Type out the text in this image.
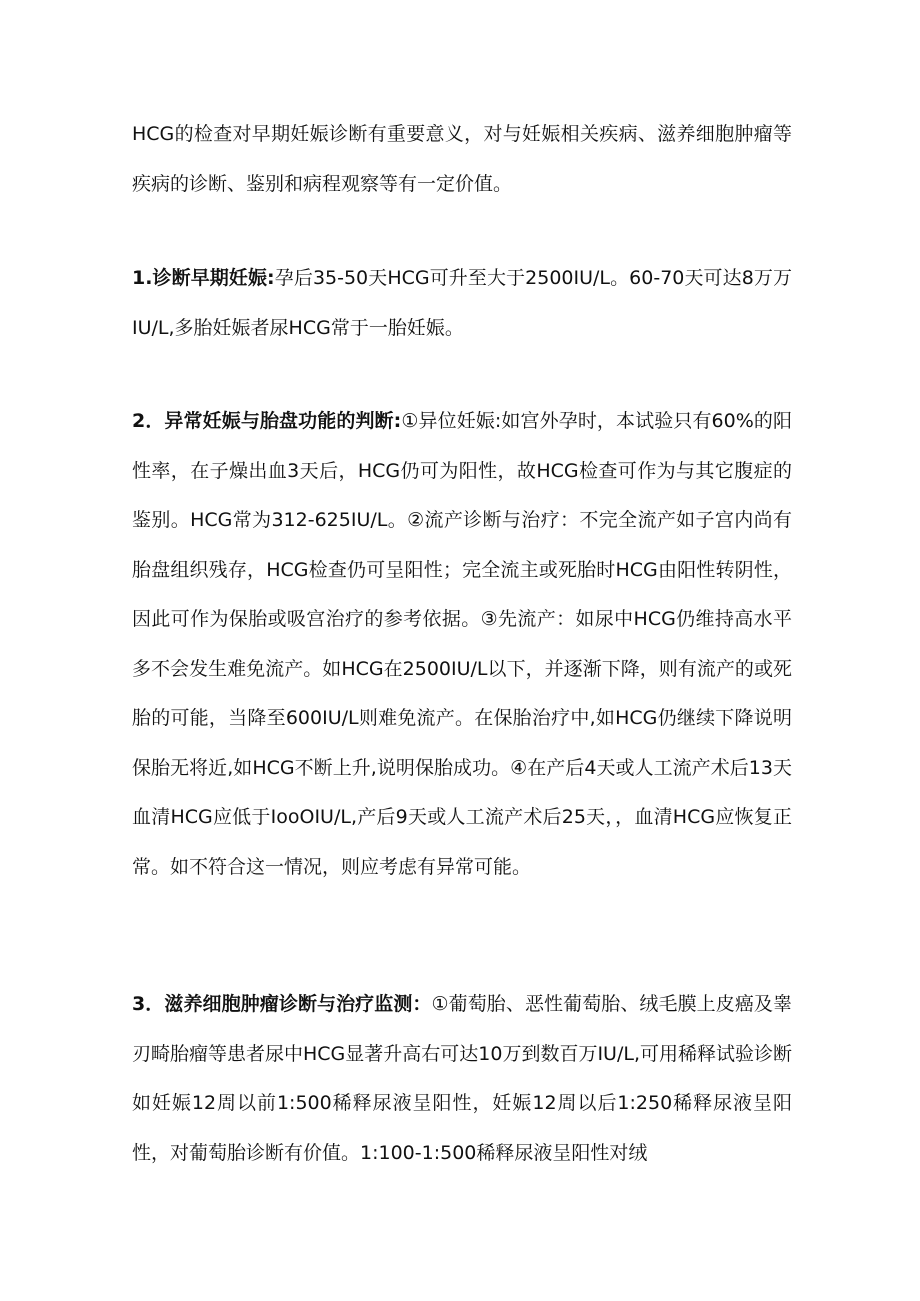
HCG的检查对早期妊娠诊断有重要意义，对与妊娠相关疾病、滋养细胞肿瘤等疾病的诊断、鉴别和病程观察等有一定价值。

1.诊断早期妊娠:孕后35-50天HCG可升至大于2500IU/L。60-70天可达8万万IU/L,多胎妊娠者尿HCG常于一胎妊娠。

2．异常妊娠与胎盘功能的判断:①异位妊娠:如宫外孕时，本试验只有60%的阳性率，在子燥出血3天后，HCG仍可为阳性，故HCG检查可作为与其它腹症的鉴别。HCG常为312-625IU/L。②流产诊断与治疗：不完全流产如子宫内尚有胎盘组织残存，HCG检查仍可呈阳性；完全流主或死胎时HCG由阳性转阴性，因此可作为保胎或吸宫治疗的参考依据。③先流产：如尿中HCG仍维持高水平多不会发生难免流产。如HCG在2500IU/L以下，并逐渐下降，则有流产的或死胎的可能，当降至600IU/L则难免流产。在保胎治疗中,如HCG仍继续下降说明保胎无将近,如HCG不断上升,说明保胎成功。④在产后4天或人工流产术后13天血清HCG应低于IooOIU/L,产后9天或人工流产术后25天，，血清HCG应恢复正常。如不符合这一情况，则应考虑有异常可能。

3．滋养细胞肿瘤诊断与治疗监测：①葡萄胎、恶性葡萄胎、绒毛膜上皮癌及睾刃畸胎瘤等患者尿中HCG显著升高右可达10万到数百万IU/L,可用稀释试验诊断如妊娠12周以前1:500稀释尿液呈阳性，妊娠12周以后1:250稀释尿液呈阳性，对葡萄胎诊断有价值。1:100-1:500稀释尿液呈阳性对绒
